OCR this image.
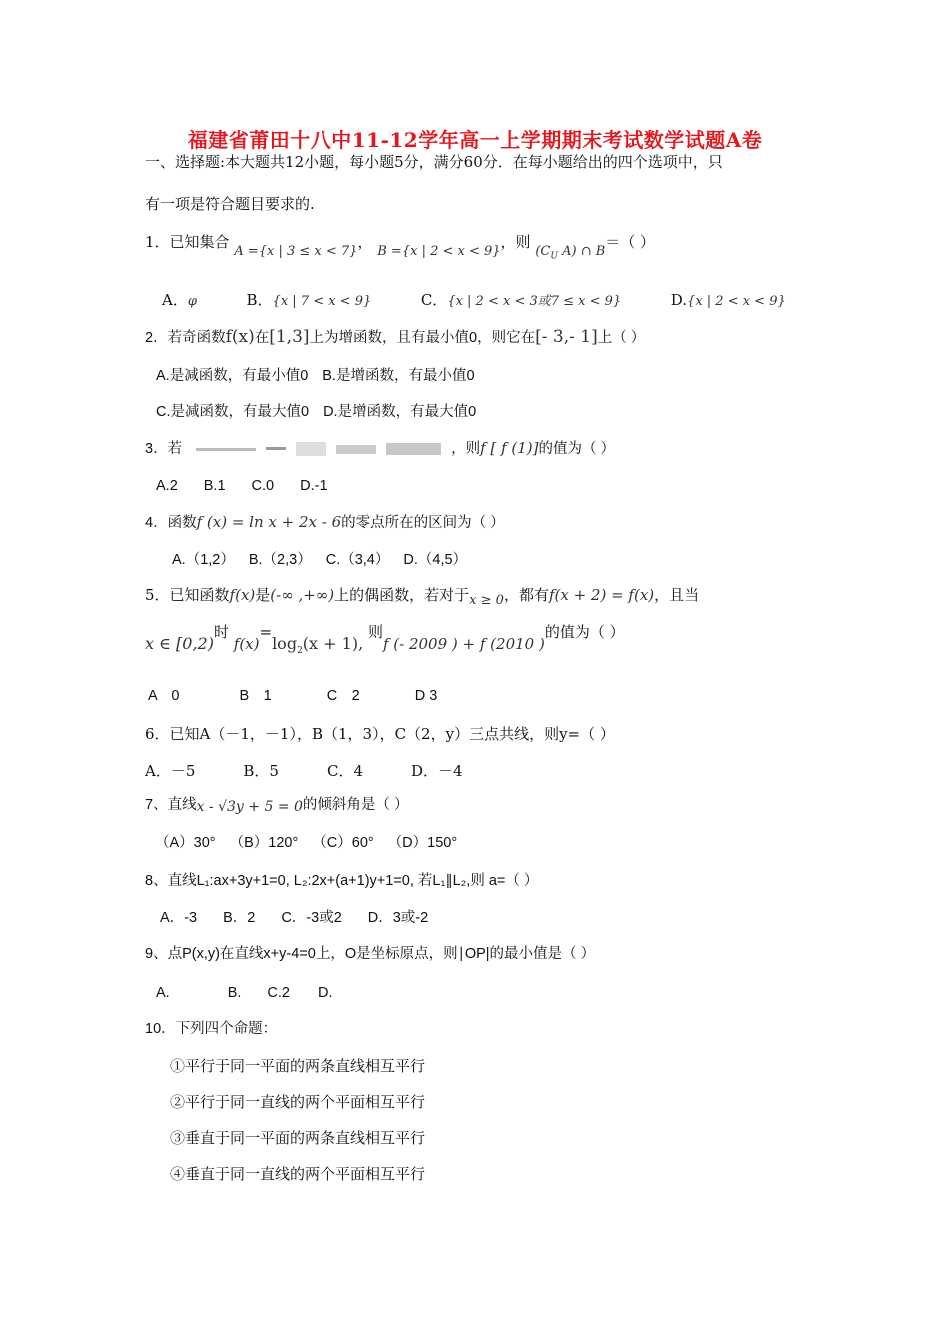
福建省莆田十八中11-12学年高一上学期期末考试数学试题A卷
一、选择题:本大题共12小题，每小题5分，满分60分．在每小题给出的四个选项中，只
有一项是符合题目要求的.
1．已知集合 A ={x | 3 ≤ x < 7}， B ={x | 2 < x < 9}，则 ($C_U$ A) ∩ B＝（ ）
A．φ	B．{x | 7 < x < 9}	C．{x | 2 < x < 3或7 ≤ x < 9}	D.{x | 2 < x < 9}
2．若奇函数f(x)在[1,3]上为增函数，且有最小值0，则它在[- 3,- 1]上（ ）
A.是减函数，有最小值0 B.是增函数，有最小值0
C.是减函数，有最大值0 D.是增函数，有最大值0
3．若	，则f [ f (1)]的值为（ ）
A.2 B.1 C.0 D.-1
4．函数f (x) = ln x + 2x - 6的零点所在的区间为（ ）
A.（1,2） B.（2,3） C.（3,4） D.（4,5）
5．已知函数f(x)是(-∞ ,+∞)上的偶函数，若对于x ≥ 0，都有f(x + 2) = f(x)，且当
x ∈ [0,2)时 $f(x)=\log_2(x + 1)$, 则f (- 2009 ) + f (2010 )的值为（ ）
A　0	B　1	C　2	D 3
6．已知A（－1，－1），B（1，3），C（2，y）三点共线，则y=（ ）
A．－5	B．5	C．4	D．－4
7、直线x - √3y + 5 = 0的倾斜角是（ ）
（A）30° （B）120° （C）60° （D）150°
8、直线L₁:ax+3y+1=0, L₂:2x+(a+1)y+1=0, 若L₁∥L₂,则 a=（ ）
A．-3 B．2 C．-3或2 D．3或-2
9、点P(x,y)在直线x+y-4=0上，O是坐标原点，则∣OP|的最小值是（ ）
A.	B. C.2 D.
10．下列四个命题：
①平行于同一平面的两条直线相互平行
②平行于同一直线的两个平面相互平行
③垂直于同一平面的两条直线相互平行
④垂直于同一直线的两个平面相互平行
